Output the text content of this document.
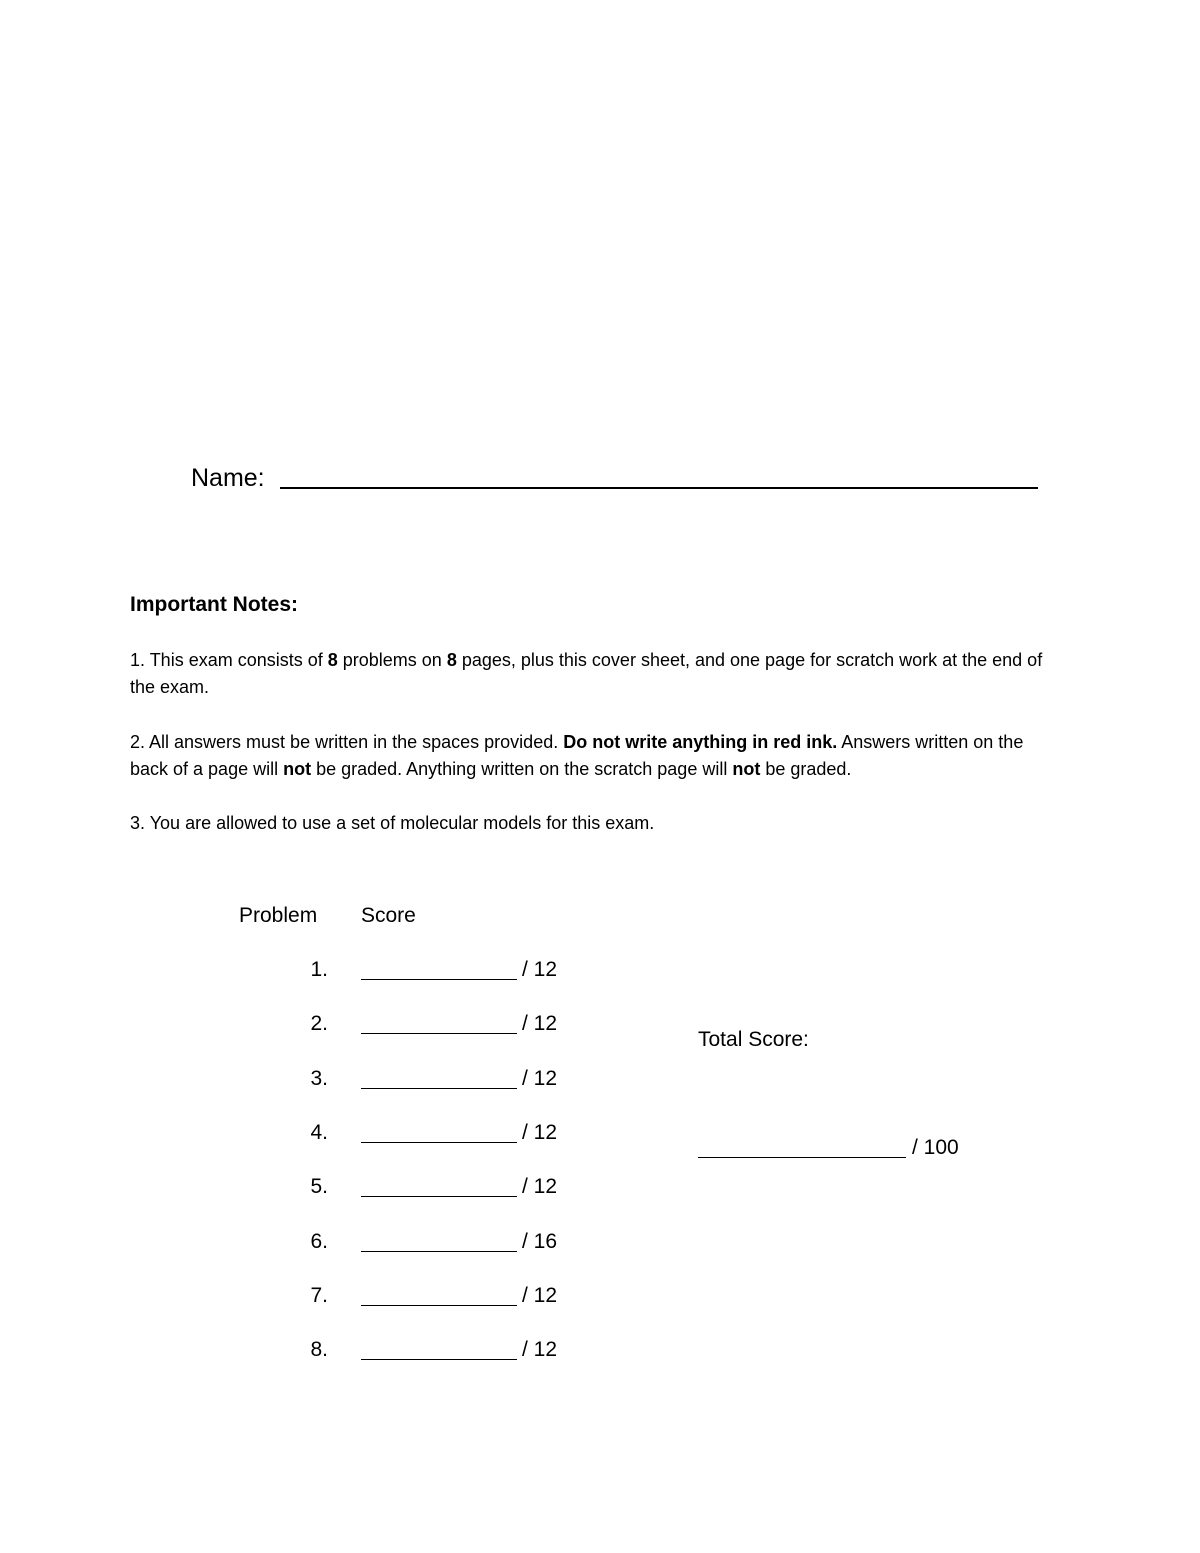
Name:
Important Notes:

1. This exam consists of 8 problems on 8 pages, plus this cover sheet, and one page for scratch work at the end of the exam.

2. All answers must be written in the spaces provided. Do not write anything in red ink. Answers written on the back of a page will not be graded. Anything written on the scratch page will not be graded.

3. You are allowed to use a set of molecular models for this exam.

Problem Score
1.	/ 12
2.	/ 12
3.	/ 12
4.	/ 12
5.	/ 12
6.	/ 16
7.	/ 12
8.	/ 12
Total Score:
/ 100
